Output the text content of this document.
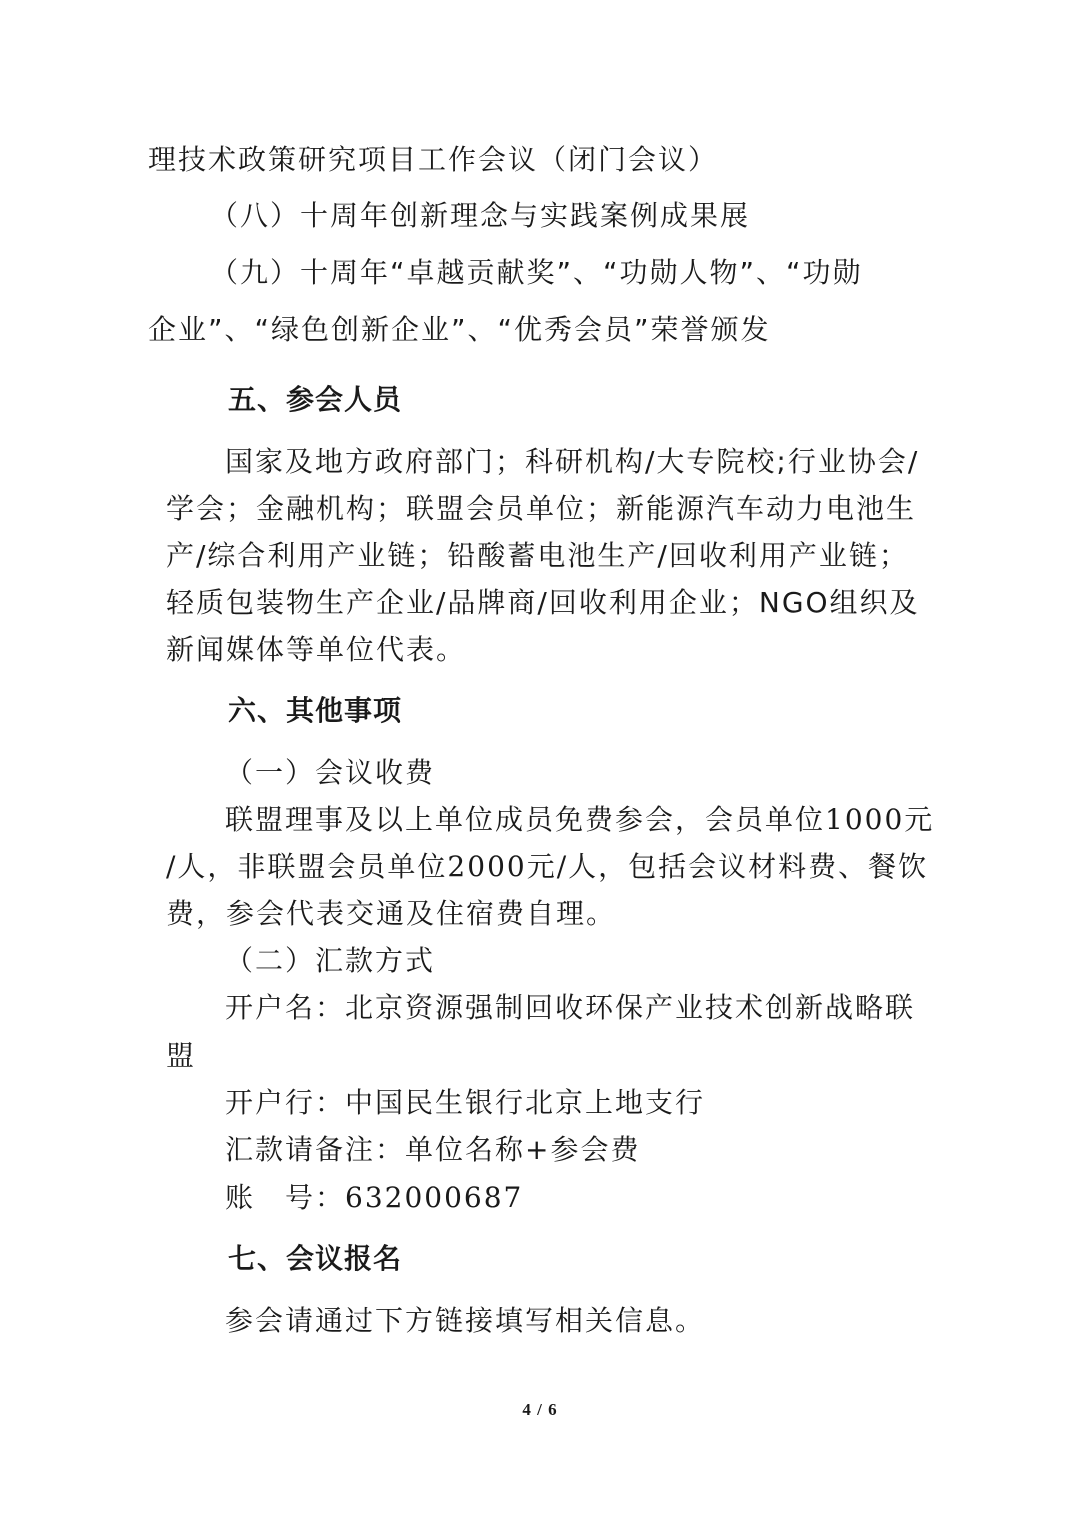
理技术政策研究项目工作会议（闭门会议）
（八）十周年创新理念与实践案例成果展
（九）十周年“卓越贡献奖”、“功勋人物”、“功勋
企业”、“绿色创新企业”、“优秀会员”荣誉颁发
五、参会人员
国家及地方政府部门；科研机构/大专院校;行业协会/
学会；金融机构；联盟会员单位；新能源汽车动力电池生
产/综合利用产业链；铅酸蓄电池生产/回收利用产业链；
轻质包装物生产企业/品牌商/回收利用企业；NGO组织及
新闻媒体等单位代表。
六、其他事项
（一）会议收费
联盟理事及以上单位成员免费参会，会员单位1000元
/人，非联盟会员单位2000元/人，包括会议材料费、餐饮
费，参会代表交通及住宿费自理。
（二）汇款方式
开户名：北京资源强制回收环保产业技术创新战略联
盟
开户行：中国民生银行北京上地支行
汇款请备注：单位名称+参会费
账　号：632000687
七、会议报名
参会请通过下方链接填写相关信息。
4 / 6
